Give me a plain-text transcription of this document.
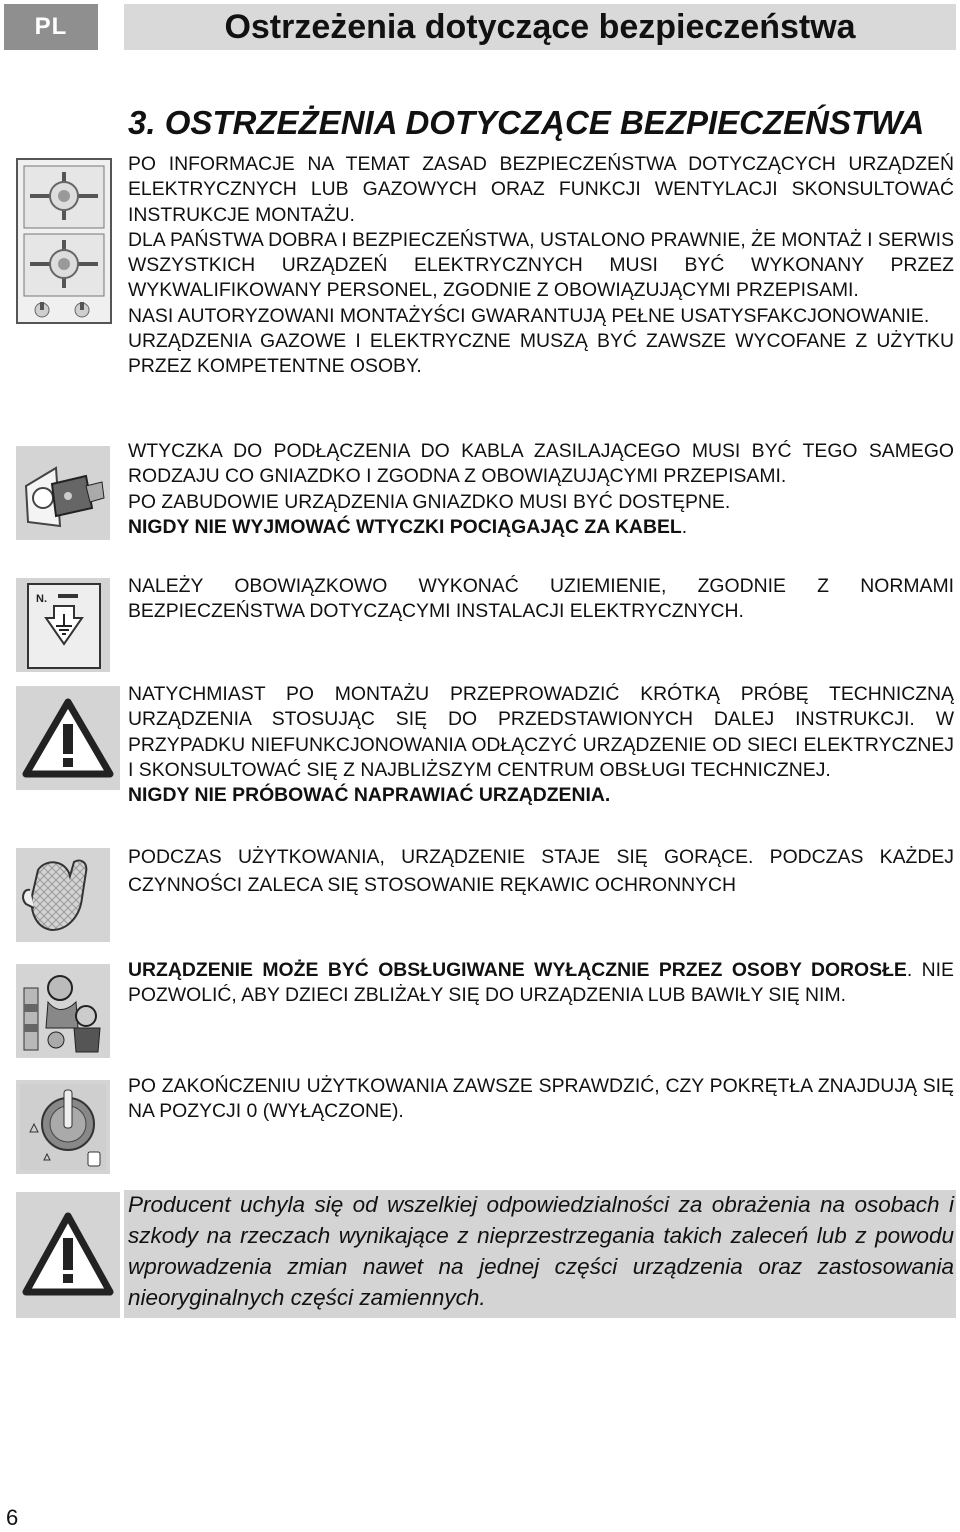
PL	Ostrzeżenia dotyczące bezpieczeństwa
3. OSTRZEŻENIA DOTYCZĄCE BEZPIECZEŃSTWA

PO INFORMACJE NA TEMAT ZASAD BEZPIECZEŃSTWA DOTYCZĄCYCH URZĄDZEŃ ELEKTRYCZNYCH LUB GAZOWYCH ORAZ FUNKCJI WENTYLACJI SKONSULTOWAĆ INSTRUKCJE MONTAŻU.

DLA PAŃSTWA DOBRA I BEZPIECZEŃSTWA, USTALONO PRAWNIE, ŻE MONTAŻ I SERWIS WSZYSTKICH URZĄDZEŃ ELEKTRYCZNYCH MUSI BYĆ WYKONANY PRZEZ WYKWALIFIKOWANY PERSONEL, ZGODNIE Z OBOWIĄZUJĄCYMI PRZEPISAMI.

NASI AUTORYZOWANI MONTAŻYŚCI GWARANTUJĄ PEŁNE USATYSFAKCJONOWANIE.

URZĄDZENIA GAZOWE I ELEKTRYCZNE MUSZĄ BYĆ ZAWSZE WYCOFANE Z UŻYTKU PRZEZ KOMPETENTNE OSOBY.

WTYCZKA DO PODŁĄCZENIA DO KABLA ZASILAJĄCEGO MUSI BYĆ TEGO SAMEGO RODZAJU CO GNIAZDKO I ZGODNA Z OBOWIĄZUJĄCYMI PRZEPISAMI.

PO ZABUDOWIE URZĄDZENIA GNIAZDKO MUSI BYĆ DOSTĘPNE.

NIGDY NIE WYJMOWAĆ WTYCZKI POCIĄGAJĄC ZA KABEL.

N.

NALEŻY OBOWIĄZKOWO WYKONAĆ UZIEMIENIE, ZGODNIE Z NORMAMI BEZPIECZEŃSTWA DOTYCZĄCYMI INSTALACJI ELEKTRYCZNYCH.

NATYCHMIAST PO MONTAŻU PRZEPROWADZIĆ KRÓTKĄ PRÓBĘ TECHNICZNĄ URZĄDZENIA STOSUJĄC SIĘ DO PRZEDSTAWIONYCH DALEJ INSTRUKCJI. W PRZYPADKU NIEFUNKCJONOWANIA ODŁĄCZYĆ URZĄDZENIE OD SIECI ELEKTRYCZNEJ I SKONSULTOWAĆ SIĘ Z NAJBLIŻSZYM CENTRUM OBSŁUGI TECHNICZNEJ.

NIGDY NIE PRÓBOWAĆ NAPRAWIAĆ URZĄDZENIA.

PODCZAS UŻYTKOWANIA, URZĄDZENIE STAJE SIĘ GORĄCE. PODCZAS KAŻDEJ CZYNNOŚCI ZALECA SIĘ STOSOWANIE RĘKAWIC OCHRONNYCH

URZĄDZENIE MOŻE BYĆ OBSŁUGIWANE WYŁĄCZNIE PRZEZ OSOBY DOROSŁE. NIE POZWOLIĆ, ABY DZIECI ZBLIŻAŁY SIĘ DO URZĄDZENIA LUB BAWIŁY SIĘ NIM.

PO ZAKOŃCZENIU UŻYTKOWANIA ZAWSZE SPRAWDZIĆ, CZY POKRĘTŁA ZNAJDUJĄ SIĘ NA POZYCJI 0 (WYŁĄCZONE).

Producent uchyla się od wszelkiej odpowiedzialności za obrażenia na osobach i szkody na rzeczach wynikające z nieprzestrzegania takich zaleceń lub z powodu wprowadzenia zmian nawet na jednej części urządzenia oraz zastosowania nieoryginalnych części zamiennych.

6
